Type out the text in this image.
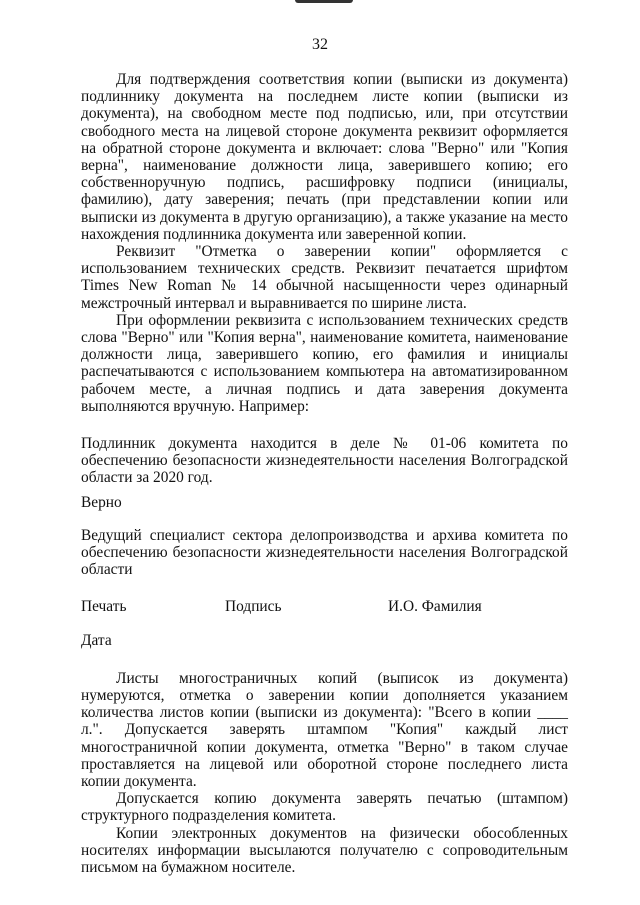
32

Для подтверждения соответствия копии (выписки из документа) подлиннику документа на последнем листе копии (выписки из документа), на свободном месте под подписью, или, при отсутствии свободного места на лицевой стороне документа реквизит оформляется на обратной стороне документа и включает: слова "Верно" или "Копия верна", наименование должности лица, заверившего копию; его собственноручную подпись, расшифровку подписи (инициалы, фамилию), дату заверения; печать (при представлении копии или выписки из документа в другую организацию), а также указание на место нахождения подлинника документа или заверенной копии.

Реквизит "Отметка о заверении копии" оформляется с использованием технических средств. Реквизит печатается шрифтом Times New Roman № 14 обычной насыщенности через одинарный межстрочный интервал и выравнивается по ширине листа.

При оформлении реквизита с использованием технических средств слова "Верно" или "Копия верна", наименование комитета, наименование должности лица, заверившего копию, его фамилия и инициалы распечатываются с использованием компьютера на автоматизированном рабочем месте, а личная подпись и дата заверения документа выполняются вручную. Например:

Подлинник документа находится в деле № 01-06 комитета по обеспечению безопасности жизнедеятельности населения Волгоградской области за 2020 год.

Верно

Ведущий специалист сектора делопроизводства и архива комитета по обеспечению безопасности жизнедеятельности населения Волгоградской области

Печать	Подпись	И.О. Фамилия

Дата

Листы многостраничных копий (выписок из документа) нумеруются, отметка о заверении копии дополняется указанием количества листов копии (выписки из документа): "Всего в копии ____ л.". Допускается заверять штампом "Копия" каждый лист многостраничной копии документа, отметка "Верно" в таком случае проставляется на лицевой или оборотной стороне последнего листа копии документа.

Допускается копию документа заверять печатью (штампом) структурного подразделения комитета.

Копии электронных документов на физически обособленных носителях информации высылаются получателю с сопроводительным письмом на бумажном носителе.
